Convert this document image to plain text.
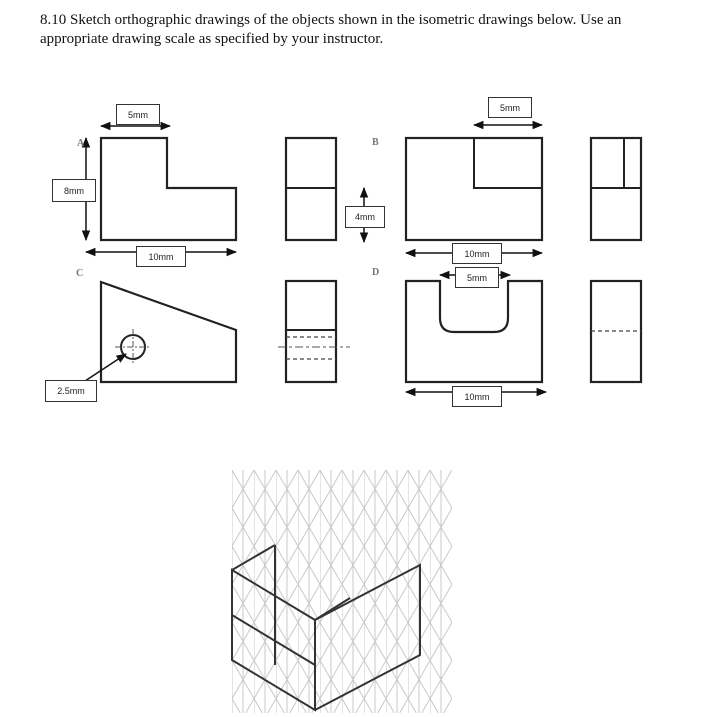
8.10 Sketch orthographic drawings of the objects shown in the isometric drawings below. Use an
appropriate drawing scale as specified by your instructor.
A	B
C	D
5mm
8mm
10mm
4mm
5mm
10mm
5mm
10mm
2.5mm
